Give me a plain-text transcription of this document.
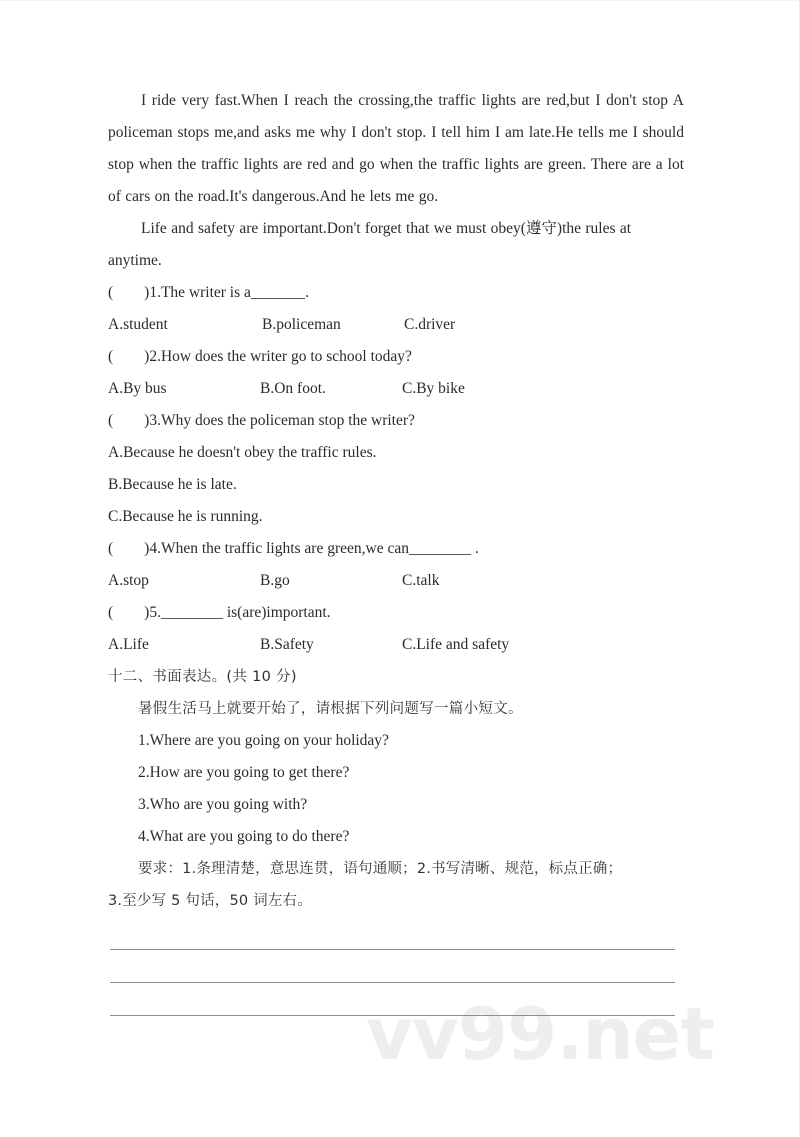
vv99.net

I ride very fast.When I reach the crossing,the traffic lights are red,but I don't stop A policeman stops me,and asks me why I don't stop. I tell him I am late.He tells me I should stop when the traffic lights are red and go when the traffic lights are green. There are a lot of cars on the road.It's dangerous.And he lets me go.

Life and safety are important.Don't forget that we must obey(遵守)the rules at anytime.

(        )1.The writer is a_______.

A.student	B.policeman	C.driver

(        )2.How does the writer go to school today?

A.By bus	B.On foot.	C.By bike

(        )3.Why does the policeman stop the writer?

A.Because he doesn't obey the traffic rules.

B.Because he is late.

C.Because he is running.

(        )4.When the traffic lights are green,we can________ .

A.stop	B.go	C.talk

(        )5.________ is(are)important.

A.Life	B.Safety	C.Life and safety

十二、书面表达。(共 10 分)

暑假生活马上就要开始了，请根据下列问题写一篇小短文。

1.Where are you going on your holiday?

2.How are you going to get there?

3.Who are you going with?

4.What are you going to do there?

要求：1.条理清楚，意思连贯，语句通顺；2.书写清晰、规范，标点正确；

3.至少写 5 句话，50 词左右。
